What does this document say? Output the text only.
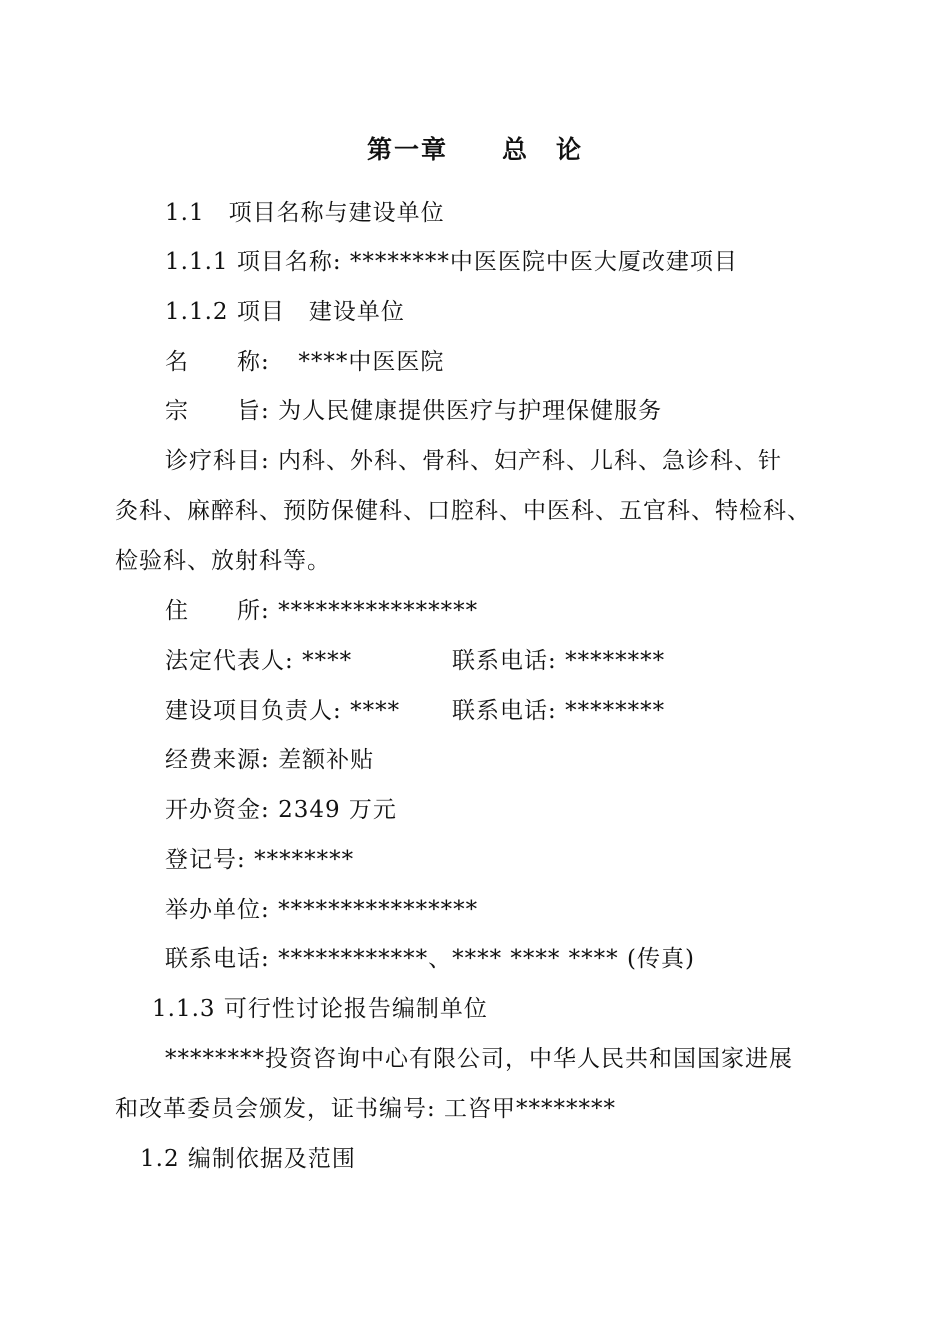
第一章　　总　论
1.1　项目名称与建设单位
1.1.1 项目名称: ********中医医院中医大厦改建项目
1.1.2 项目　建设单位
名　　称: ****中医医院
宗　　旨: 为人民健康提供医疗与护理保健服务
诊疗科目: 内科、外科、骨科、妇产科、儿科、急诊科、针
灸科、麻醉科、预防保健科、口腔科、中医科、五官科、特检科、
检验科、放射科等。
住　　所: ****************
法定代表人: ****	联系电话: ********
建设项目负责人: **** 联系电话: ********
经费来源: 差额补贴
开办资金: 2349 万元
登记号: ********
举办单位: ****************
联系电话: ************、**** **** **** (传真)
1.1.3 可行性讨论报告编制单位
********投资咨询中心有限公司，中华人民共和国国家进展
和改革委员会颁发，证书编号: 工咨甲********
1.2 编制依据及范围
